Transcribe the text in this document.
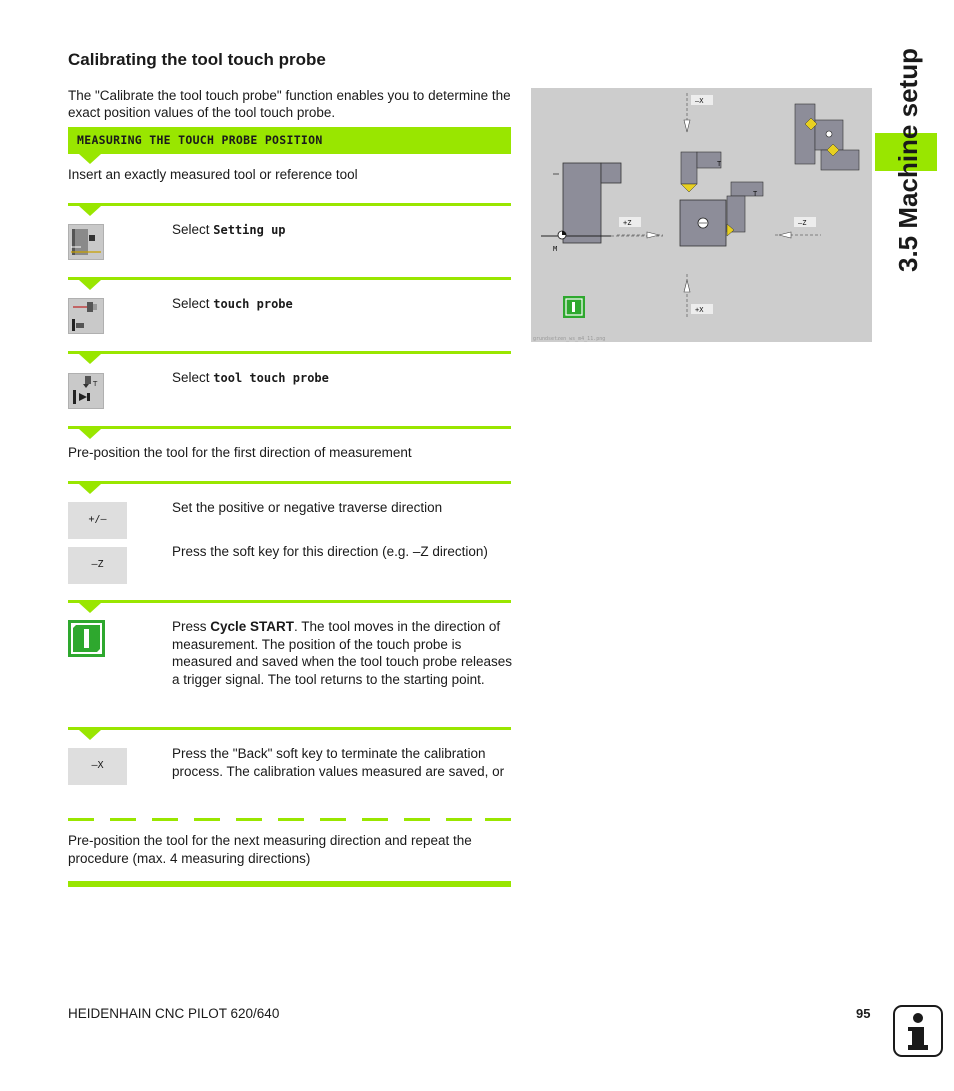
Calibrating the tool touch probe
The "Calibrate the tool touch probe" function enables you to determine the exact position values of the tool touch probe.
MEASURING THE TOUCH PROBE POSITION
Insert an exactly measured tool or reference tool
Select Setting up
Select touch probe
T	Select tool touch probe
Pre-position the tool for the first direction of measurement
+/–
Set the positive or negative traverse direction
–Z
Press the soft key for this direction (e.g. –Z direction)
Press Cycle START. The tool moves in the direction of measurement. The position of the touch probe is measured and saved when the tool touch probe releases a trigger signal. The tool returns to the starting point.
–X
Press the "Back" soft key to terminate the calibration process. The calibration values measured are saved, or
Pre-position the tool for the next measuring direction and repeat the procedure (max. 4 measuring directions)
–X
+X
M
+Z
T
T
–Z
grundsetzen_ws_m4_11.png
3.5 Machine setup
HEIDENHAIN CNC PILOT 620/640	95
